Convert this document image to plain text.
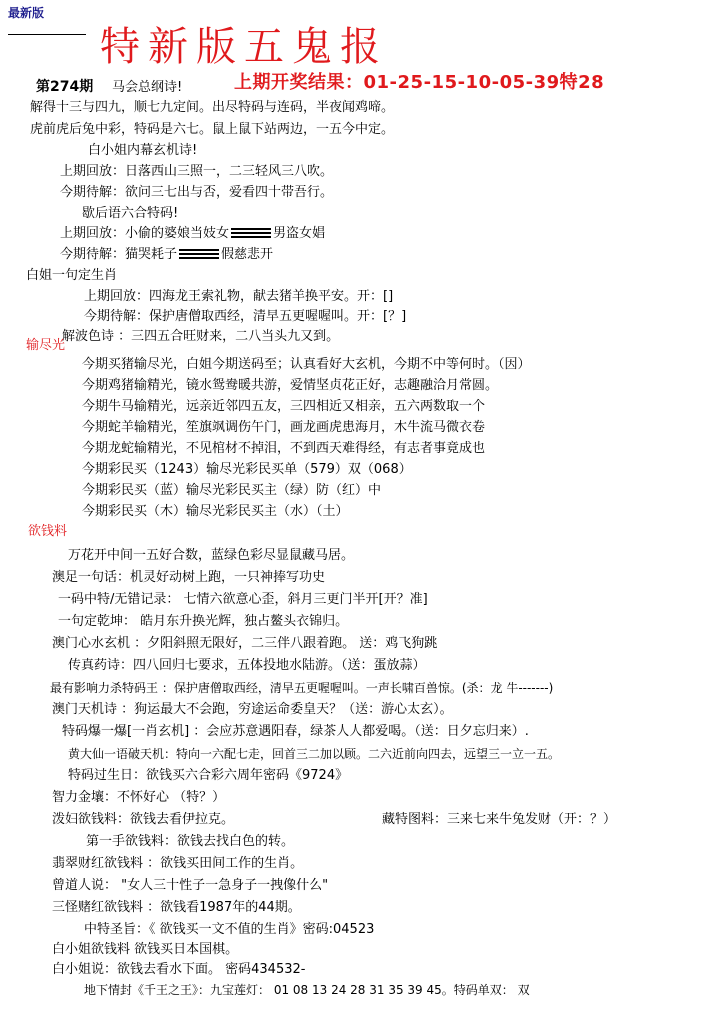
最新版
特新版五鬼报
第274期 马会总纲诗!	上期开奖结果：01-25-15-10-05-39特28
解得十三与四九，顺七九定间。出尽特码与连码，半夜闻鸡啼。
虎前虎后兔中彩，特码是六七。鼠上鼠下站两边，一五今中定。
白小姐内幕玄机诗!
上期回放：日落西山三照一，二三轻风三八吹。
今期待解：欲问三七出与否，爱看四十带吾行。
歇后语六合特码!
上期回放：小偷的婆娘当妓女	男盗女娼
今期待解：猫哭耗子	假慈悲开
白姐一句定生肖
上期回放：四海龙王索礼物，献去猪羊换平安。开：[]
今期待解：保护唐僧取西经，清早五更喔喔叫。开：[？]
解波色诗 ：三四五合旺财来，二八当头九又到。
输尽光
今期买猪输尽光，白姐今期送码至；认真看好大玄机，今期不中等何时。（因）
今期鸡猪输精光，镜水鸳鸯暖共游，爱情坚贞花正好，志趣融洽月常圆。
今期牛马输精光，远亲近邻四五友，三四相近又相亲，五六两数取一个
今期蛇羊输精光，笙旗飒调伤午门，画龙画虎患海月，木牛流马微衣卷
今期龙蛇输精光，不见棺材不掉泪，不到西天难得经，有志者事竟成也
今期彩民买（1243）输尽光彩民买单（579）双（068）
今期彩民买（蓝）输尽光彩民买主（绿）防（红）中
今期彩民买（木）输尽光彩民买主（水）（土）
欲钱料
万花开中间一五好合数，蓝绿色彩尽显鼠藏马居。
澳足一句话：机灵好动树上跑，一只神捧写功史
一码中特/无错记录： 七情六欲意心歪，斜月三更门半开[开？准]
一句定乾坤： 皓月东升换光辉，独占鳌头衣锦归。
澳门心水玄机 ：夕阳斜照无限好，二三伴八跟着跑。 送：鸡飞狗跳
传真药诗：四八回归七要求，五体投地水陆游。（送：蛋放蒜）
最有影响力杀特码王 ：保护唐僧取西经，清早五更喔喔叫。一声长啸百兽惊。(杀：龙 牛-------)
澳门天机诗 ：狗运最大不会跑，穷途运命委皇天？（送：游心太玄）。
特码爆一爆[一肖玄机] ：会应苏意遇阳春，绿茶人人都爱喝。（送：日夕忘归来）.
黄大仙一语破天机：特向一六配七走，回首三二加以顾。二六近前向四去，远望三一立一五。
特码过生日：欲钱买六合彩六周年密码《9724》
智力金壤：不怀好心 （特？）
泼妇欲钱料：欲钱去看伊拉克。	藏特图料：三来七来牛兔发财（开：？）
第一手欲钱料：欲钱去找白色的转。
翡翠财红欲钱料 ：欲钱买田间工作的生肖。
曾道人说： "女人三十性子一急身子一拽像什么"
三怪赌红欲钱料 ：欲钱看1987年的44期。
中特圣旨：《 欲钱买一文不值的生肖》密码:04523
白小姐欲钱料 欲钱买日本国棋。
白小姐说：欲钱去看水下面。 密码434532-
地下情封《千王之王》：九宝莲灯： 01 08 13 24 28 31 35 39 45。特码单双： 双
